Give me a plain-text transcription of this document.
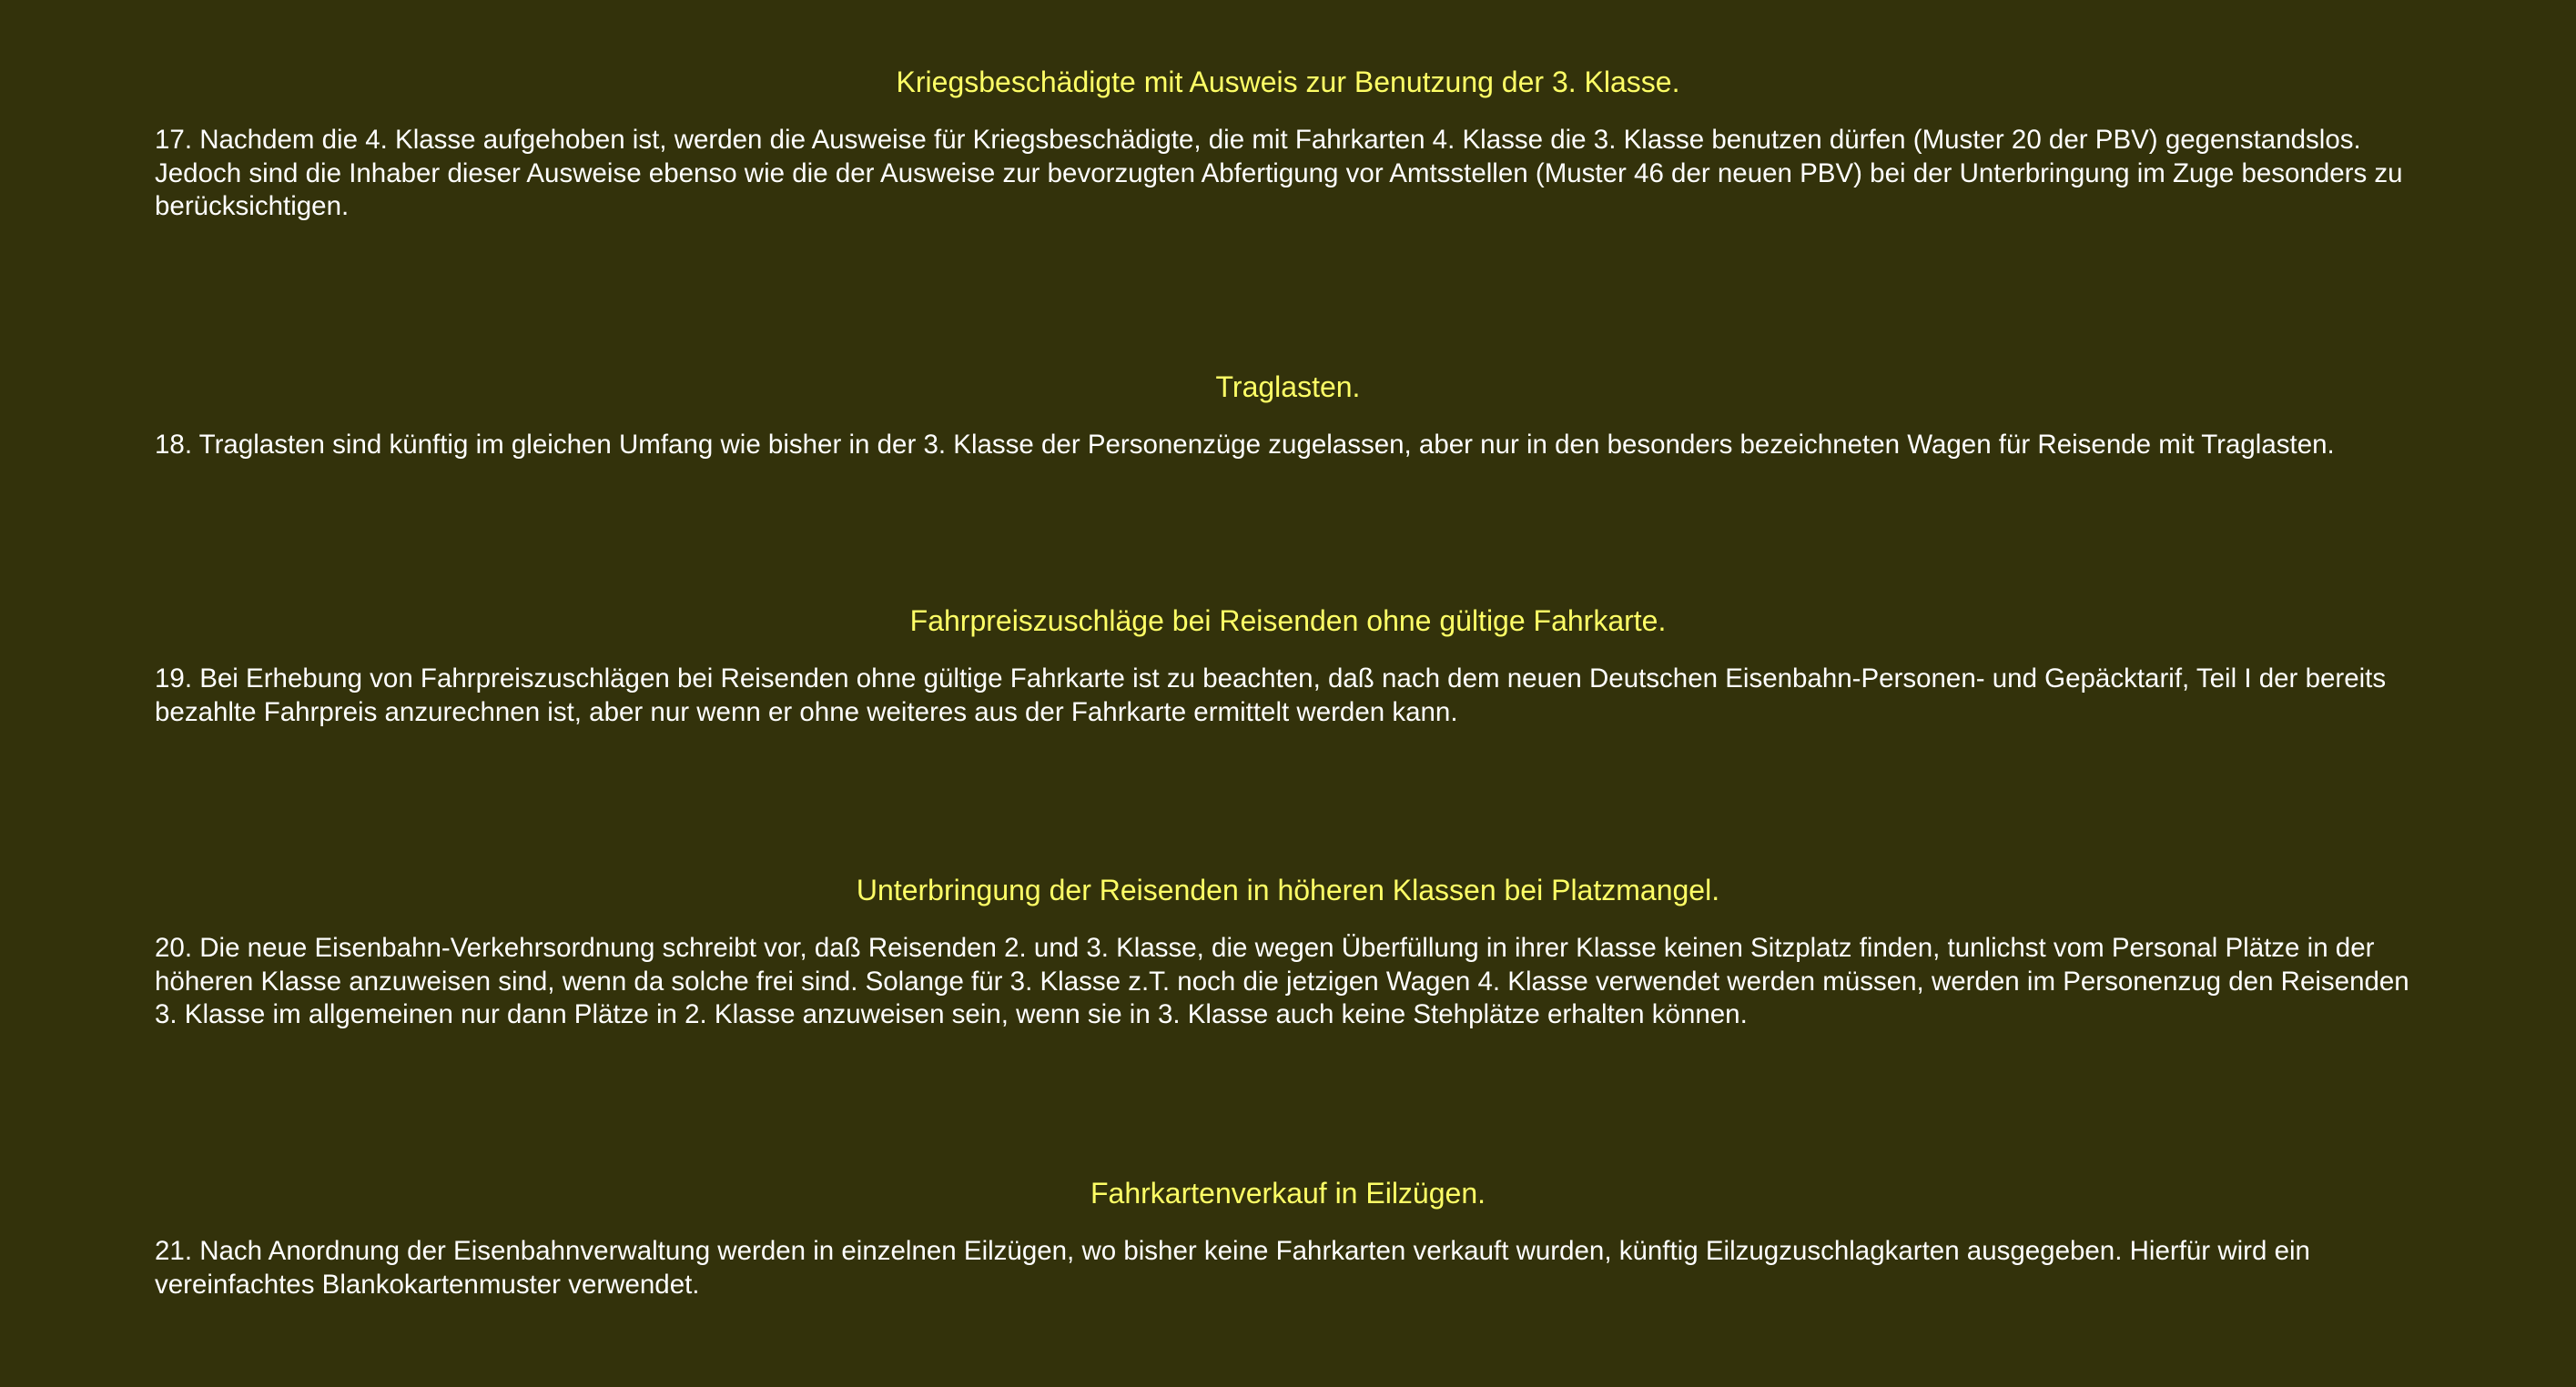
Kriegsbeschädigte mit Ausweis zur Benutzung der 3. Klasse.

17. Nachdem die 4. Klasse aufgehoben ist, werden die Ausweise für Kriegsbeschädigte, die mit Fahrkarten 4. Klasse die 3. Klasse benutzen dürfen (Muster 20 der PBV) gegenstandslos. Jedoch sind die Inhaber dieser Ausweise ebenso wie die der Ausweise zur bevorzugten Abfertigung vor Amtsstellen (Muster 46 der neuen PBV) bei der Unterbringung im Zuge besonders zu berücksichtigen.

Traglasten.

18. Traglasten sind künftig im gleichen Umfang wie bisher in der 3. Klasse der Personenzüge zugelassen, aber nur in den besonders bezeichneten Wagen für Reisende mit Traglasten.

Fahrpreiszuschläge bei Reisenden ohne gültige Fahrkarte.

19. Bei Erhebung von Fahrpreiszuschlägen bei Reisenden ohne gültige Fahrkarte ist zu beachten, daß nach dem neuen Deutschen Eisenbahn-Personen- und Gepäcktarif, Teil I der bereits bezahlte Fahrpreis anzurechnen ist, aber nur wenn er ohne weiteres aus der Fahrkarte ermittelt werden kann.

Unterbringung der Reisenden in höheren Klassen bei Platzmangel.

20. Die neue Eisenbahn-Verkehrsordnung schreibt vor, daß Reisenden 2. und 3. Klasse, die wegen Überfüllung in ihrer Klasse keinen Sitzplatz finden, tunlichst vom Personal Plätze in der höheren Klasse anzuweisen sind, wenn da solche frei sind. Solange für 3. Klasse z.T. noch die jetzigen Wagen 4. Klasse verwendet werden müssen, werden im Personenzug den Reisenden 3. Klasse im allgemeinen nur dann Plätze in 2. Klasse anzuweisen sein, wenn sie in 3. Klasse auch keine Stehplätze erhalten können.

Fahrkartenverkauf in Eilzügen.

21. Nach Anordnung der Eisenbahnverwaltung werden in einzelnen Eilzügen, wo bisher keine Fahrkarten verkauft wurden, künftig Eilzugzuschlagkarten ausgegeben. Hierfür wird ein vereinfachtes Blankokartenmuster verwendet.
